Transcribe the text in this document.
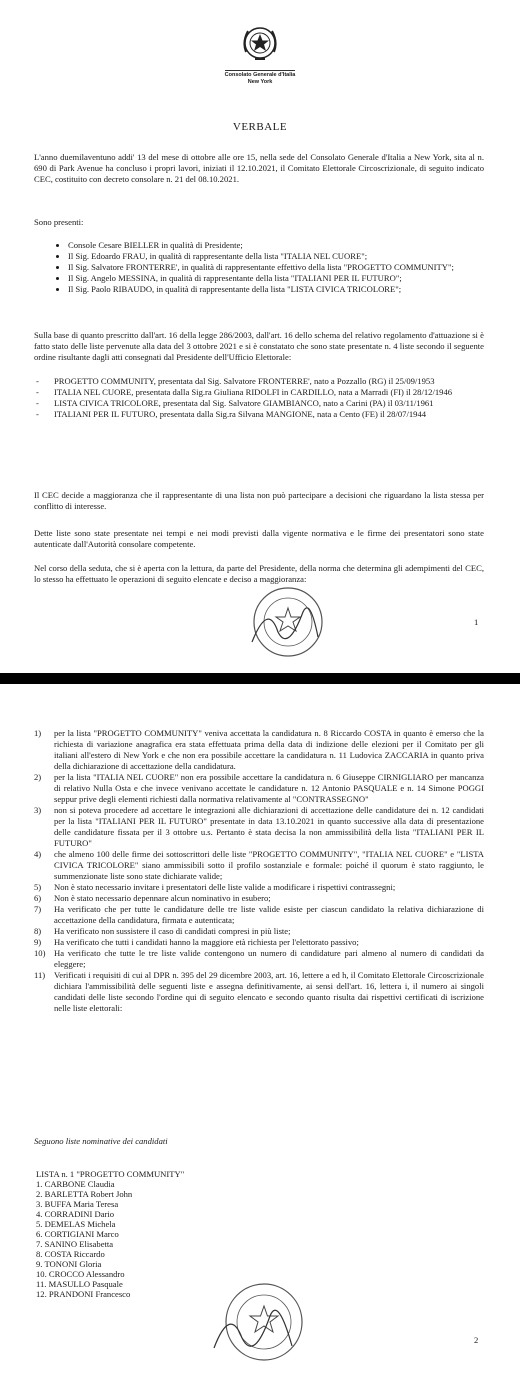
Consolato Generale d'Italia
New York
VERBALE
L'anno duemilaventuno addi' 13 del mese di ottobre alle ore 15, nella sede del Consolato Generale d'Italia a New York, sita al n. 690 di Park Avenue ha concluso i propri lavori, iniziati il 12.10.2021, il Comitato Elettorale Circoscrizionale, di seguito indicato CEC, costituito con decreto consolare n. 21 del 08.10.2021.
Sono presenti:
• Console Cesare BIELLER in qualità di Presidente;
• Il Sig. Edoardo FRAU, in qualità di rappresentante della lista "ITALIA NEL CUORE";
• Il Sig. Salvatore FRONTERRE', in qualità di rappresentante effettivo della lista "PROGETTO COMMUNITY";
• Il Sig. Angelo MESSINA, in qualità di rappresentante della lista "ITALIANI PER IL FUTURO";
• Il Sig. Paolo RIBAUDO, in qualità di rappresentante della lista "LISTA CIVICA TRICOLORE";
Sulla base di quanto prescritto dall'art. 16 della legge 286/2003, dall'art. 16 dello schema del relativo regolamento d'attuazione si è fatto stato delle liste pervenute alla data del 3 ottobre 2021 e si è constatato che sono state presentate n. 4 liste secondo il seguente ordine risultante dagli atti consegnati dal Presidente dell'Ufficio Elettorale:
- PROGETTO COMMUNITY, presentata dal Sig. Salvatore FRONTERRE', nato a Pozzallo (RG) il 25/09/1953
- ITALIA NEL CUORE, presentata dalla Sig.ra Giuliana RIDOLFI in CARDILLO, nata a Marradi (FI) il 28/12/1946
- LISTA CIVICA TRICOLORE, presentata dal Sig. Salvatore GIAMBIANCO, nato a Carini (PA) il 03/11/1961
- ITALIANI PER IL FUTURO, presentata dalla Sig.ra Silvana MANGIONE, nata a Cento (FE) il 28/07/1944
Il CEC decide a maggioranza che il rappresentante di una lista non può partecipare a decisioni che riguardano la lista stessa per conflitto di interesse.
Dette liste sono state presentate nei tempi e nei modi previsti dalla vigente normativa e le firme dei presentatori sono state autenticate dall'Autorità consolare competente.
Nel corso della seduta, che si è aperta con la lettura, da parte del Presidente, della norma che determina gli adempimenti del CEC, lo stesso ha effettuato le operazioni di seguito elencate e deciso a maggioranza:
1
1)	per la lista "PROGETTO COMMUNITY" veniva accettata la candidatura n. 8 Riccardo COSTA in quanto è emerso che la richiesta di variazione anagrafica era stata effettuata prima della data di indizione delle elezioni per il Comitato per gli italiani all'estero di New York e che non era possibile accettare la candidatura n. 11 Ludovica ZACCARIA in quanto priva della dichiarazione di accettazione della candidatura.
2)	per la lista "ITALIA NEL CUORE" non era possibile accettare la candidatura n. 6 Giuseppe CIRNIGLIARO per mancanza di relativo Nulla Osta e che invece venivano accettate le candidature n. 12 Antonio PASQUALE e n. 14 Simone POGGI seppur prive degli elementi richiesti dalla normativa relativamente al "CONTRASSEGNO"
3)	non si poteva procedere ad accettare le integrazioni alle dichiarazioni di accettazione delle candidature dei n. 12 candidati per la lista "ITALIANI PER IL FUTURO" presentate in data 13.10.2021 in quanto successive alla data di presentazione delle candidature fissata per il 3 ottobre u.s. Pertanto è stata decisa la non ammissibilità della lista "ITALIANI PER IL FUTURO"
4)	che almeno 100 delle firme dei sottoscrittori delle liste "PROGETTO COMMUNITY", "ITALIA NEL CUORE" e "LISTA CIVICA TRICOLORE" siano ammissibili sotto il profilo sostanziale e formale: poiché il quorum è stato raggiunto, le summenzionate liste sono state dichiarate valide;
5)	Non è stato necessario invitare i presentatori delle liste valide a modificare i rispettivi contrassegni;
6)	Non è stato necessario depennare alcun nominativo in esubero;
7)	Ha verificato che per tutte le candidature delle tre liste valide esiste per ciascun candidato la relativa dichiarazione di accettazione della candidatura, firmata e autenticata;
8)	Ha verificato non sussistere il caso di candidati compresi in più liste;
9)	Ha verificato che tutti i candidati hanno la maggiore età richiesta per l'elettorato passivo;
10) Ha verificato che tutte le tre liste valide contengono un numero di candidature pari almeno al numero di candidati da eleggere;
11)	Verificati i requisiti di cui al DPR n. 395 del 29 dicembre 2003, art. 16, lettere a ed h, il Comitato Elettorale Circoscrizionale dichiara l'ammissibilità delle seguenti liste e assegna definitivamente, ai sensi dell'art. 16, lettera i, il numero ai singoli candidati delle liste secondo l'ordine qui di seguito elencato e secondo quanto risulta dai rispettivi certificati di iscrizione nelle liste elettorali:
Seguono liste nominative dei candidati
LISTA n. 1 "PROGETTO COMMUNITY"
1. CARBONE Claudia
2. BARLETTA Robert John
3. BUFFA Maria Teresa
4. CORRADINI Dario
5. DEMELAS Michela
6. CORTIGIANI Marco
7. SANINO Elisabetta
8. COSTA Riccardo
9. TONONI Gloria
10. CROCCO Alessandro
11. MASULLO Pasquale
12. PRANDONI Francesco
2
